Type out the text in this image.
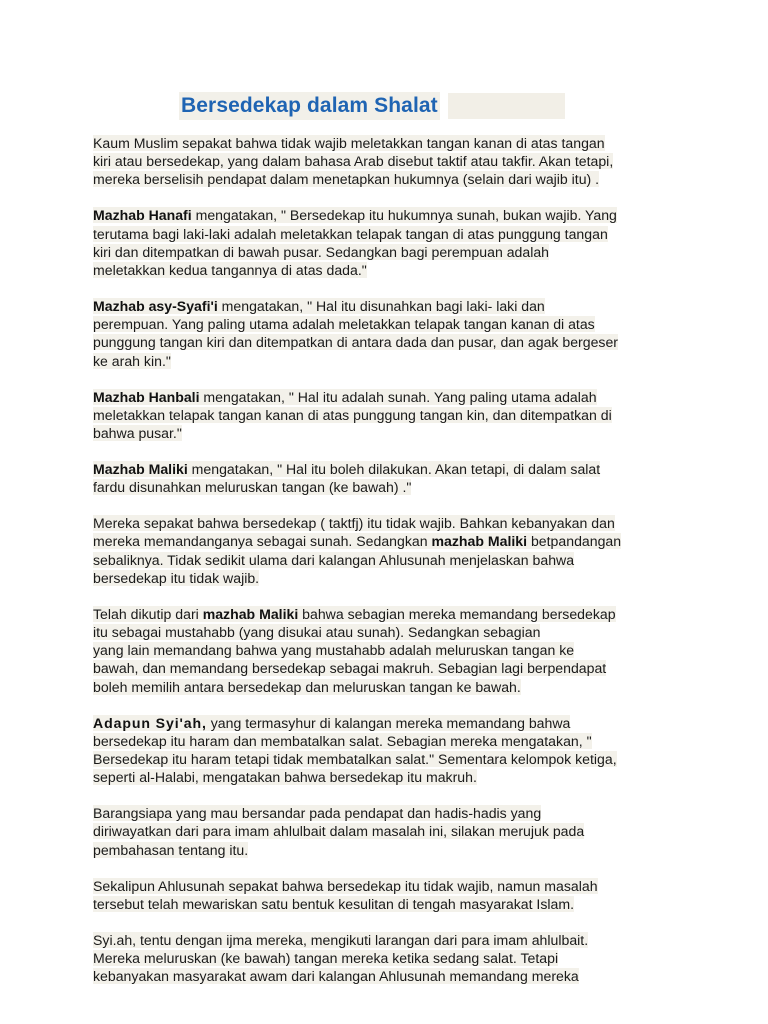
Bersedekap dalam Shalat
Kaum Muslim sepakat bahwa tidak wajib meletakkan tangan kanan di atas tangan
kiri atau bersedekap, yang dalam bahasa Arab disebut taktif atau takfir. Akan tetapi,
mereka berselisih pendapat dalam menetapkan hukumnya (selain dari wajib itu) .
Mazhab Hanafi mengatakan, " Bersedekap itu hukumnya sunah, bukan wajib. Yang
terutama bagi laki-laki adalah meletakkan telapak tangan di atas punggung tangan
kiri dan ditempatkan di bawah pusar. Sedangkan bagi perempuan adalah
meletakkan kedua tangannya di atas dada."
Mazhab asy-Syafi'i mengatakan, " Hal itu disunahkan bagi laki- laki dan
perempuan. Yang paling utama adalah meletakkan telapak tangan kanan di atas
punggung tangan kiri dan ditempatkan di antara dada dan pusar, dan agak bergeser
ke arah kin."
Mazhab Hanbali mengatakan, " Hal itu adalah sunah. Yang paling utama adalah
meletakkan telapak tangan kanan di atas punggung tangan kin, dan ditempatkan di
bahwa pusar."
Mazhab Maliki mengatakan, " Hal itu boleh dilakukan. Akan tetapi, di dalam salat
fardu disunahkan meluruskan tangan (ke bawah) ."
Mereka sepakat bahwa bersedekap ( taktfj) itu tidak wajib. Bahkan kebanyakan dan
mereka memandanganya sebagai sunah. Sedangkan mazhab Maliki betpandangan
sebaliknya. Tidak sedikit ulama dari kalangan Ahlusunah menjelaskan bahwa
bersedekap itu tidak wajib.
Telah dikutip dari mazhab Maliki bahwa sebagian mereka memandang bersedekap
itu sebagai mustahabb (yang disukai atau sunah). Sedangkan sebagian
yang lain memandang bahwa yang mustahabb adalah meluruskan tangan ke
bawah, dan memandang bersedekap sebagai makruh. Sebagian lagi berpendapat
boleh memilih antara bersedekap dan meluruskan tangan ke bawah.
Adapun Syi'ah, yang termasyhur di kalangan mereka memandang bahwa
bersedekap itu haram dan membatalkan salat. Sebagian mereka mengatakan, "
Bersedekap itu haram tetapi tidak membatalkan salat." Sementara kelompok ketiga,
seperti al-Halabi, mengatakan bahwa bersedekap itu makruh.
Barangsiapa yang mau bersandar pada pendapat dan hadis-hadis yang
diriwayatkan dari para imam ahlulbait dalam masalah ini, silakan merujuk pada
pembahasan tentang itu.
Sekalipun Ahlusunah sepakat bahwa bersedekap itu tidak wajib, namun masalah
tersebut telah mewariskan satu bentuk kesulitan di tengah masyarakat Islam.
Syi.ah, tentu dengan ijma mereka, mengikuti larangan dari para imam ahlulbait.
Mereka meluruskan (ke bawah) tangan mereka ketika sedang salat. Tetapi
kebanyakan masyarakat awam dari kalangan Ahlusunah memandang mereka
